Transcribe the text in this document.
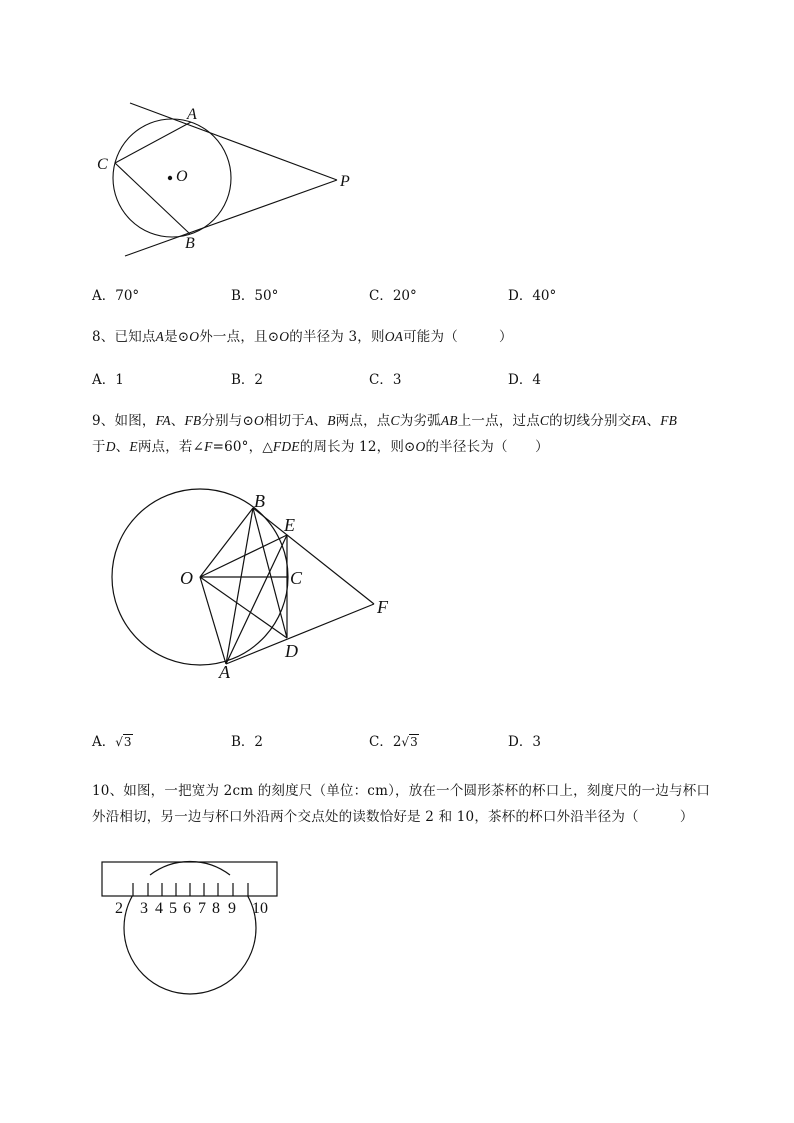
A
C
O	P
B
B
E
O	C
F
D
A
2 3 4 5 6 7 8 9 10
A．70°	B．50°	C．20°	D．40°
8、已知点A是⊙O外一点，且⊙O的半径为 3，则OA可能为（　　　）
A．1	B．2	C．3	D．4
9、如图，FA、FB分别与⊙O相切于A、B两点，点C为劣弧AB上一点，过点C的切线分别交FA、FB
于D、E两点，若∠F=60°，△FDE的周长为 12，则⊙O的半径长为（　　）
A．√3	B．2	C．2√3	D．3
10、如图，一把宽为 2cm 的刻度尺（单位：cm），放在一个圆形茶杯的杯口上，刻度尺的一边与杯口
外沿相切，另一边与杯口外沿两个交点处的读数恰好是 2 和 10，茶杯的杯口外沿半径为（　　　）
